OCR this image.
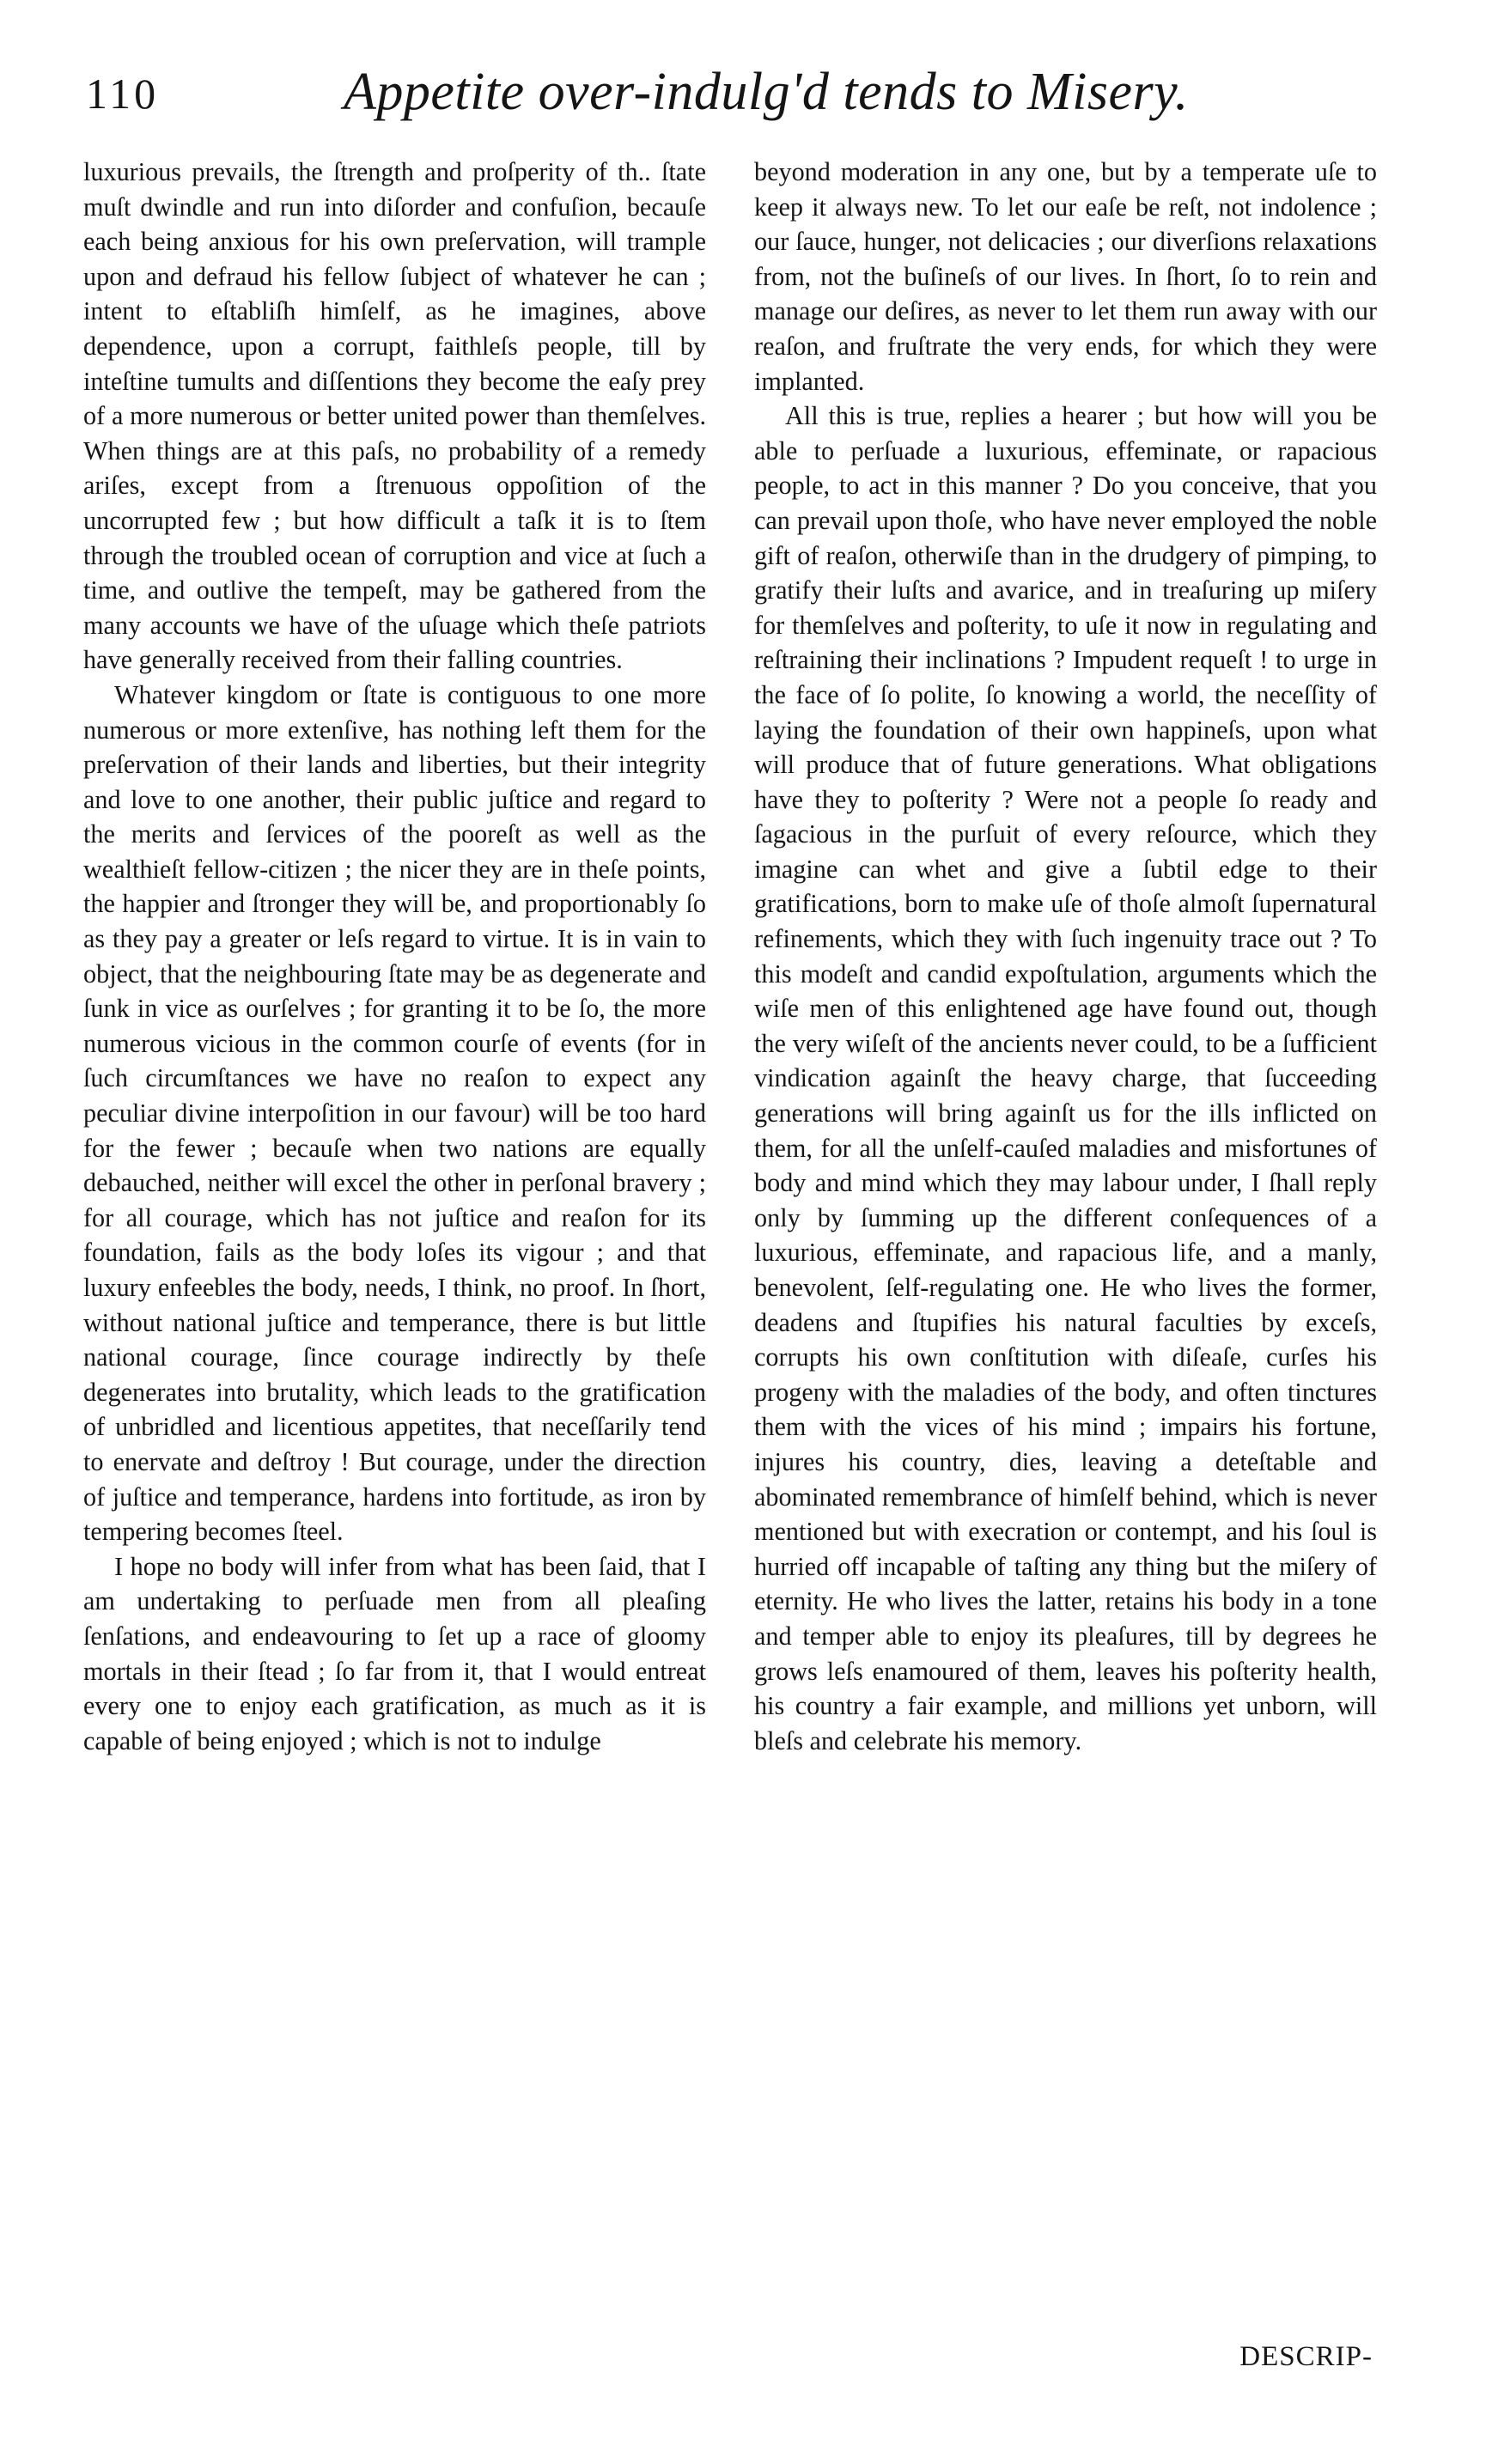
110	Appetite over-indulg'd tends to Misery.

luxurious prevails, the ſtrength and proſperity of th.. ſtate muſt dwindle and run into diſorder and confuſion, becauſe each being anxious for his own preſervation, will trample upon and defraud his fellow ſubject of whatever he can ; intent to eſtabliſh himſelf, as he imagines, above dependence, upon a corrupt, faithleſs people, till by inteſtine tumults and diſſentions they become the eaſy prey of a more numerous or better united power than themſelves. When things are at this paſs, no probability of a remedy ariſes, except from a ſtrenuous oppoſition of the uncorrupted few ; but how difficult a taſk it is to ſtem through the troubled ocean of corruption and vice at ſuch a time, and outlive the tempeſt, may be gathered from the many accounts we have of the uſuage which theſe patriots have generally received from their falling countries.

Whatever kingdom or ſtate is contiguous to one more numerous or more extenſive, has nothing left them for the preſervation of their lands and liberties, but their integrity and love to one another, their public juſtice and regard to the merits and ſervices of the pooreſt as well as the wealthieſt fellow-citizen ; the nicer they are in theſe points, the happier and ſtronger they will be, and proportionably ſo as they pay a greater or leſs regard to virtue. It is in vain to object, that the neighbouring ſtate may be as degenerate and ſunk in vice as ourſelves ; for granting it to be ſo, the more numerous vicious in the common courſe of events (for in ſuch circumſtances we have no reaſon to expect any peculiar divine interpoſition in our favour) will be too hard for the fewer ; becauſe when two nations are equally debauched, neither will excel the other in perſonal bravery ; for all courage, which has not juſtice and reaſon for its foundation, fails as the body loſes its vigour ; and that luxury enfeebles the body, needs, I think, no proof. In ſhort, without national juſtice and temperance, there is but little national courage, ſince courage indirectly by theſe degenerates into brutality, which leads to the gratification of unbridled and licentious appetites, that neceſſarily tend to enervate and deſtroy ! But courage, under the direction of juſtice and temperance, hardens into fortitude, as iron by tempering becomes ſteel.

I hope no body will infer from what has been ſaid, that I am undertaking to perſuade men from all pleaſing ſenſations, and endeavouring to ſet up a race of gloomy mortals in their ſtead ; ſo far from it, that I would entreat every one to enjoy each gratification, as much as it is capable of being enjoyed ; which is not to indulge

beyond moderation in any one, but by a temperate uſe to keep it always new. To let our eaſe be reſt, not indolence ; our ſauce, hunger, not delicacies ; our diverſions relaxations from, not the buſineſs of our lives. In ſhort, ſo to rein and manage our deſires, as never to let them run away with our reaſon, and fruſtrate the very ends, for which they were implanted.

All this is true, replies a hearer ; but how will you be able to perſuade a luxurious, effeminate, or rapacious people, to act in this manner ? Do you conceive, that you can prevail upon thoſe, who have never employed the noble gift of reaſon, otherwiſe than in the drudgery of pimping, to gratify their luſts and avarice, and in treaſuring up miſery for themſelves and poſterity, to uſe it now in regulating and reſtraining their inclinations ? Impudent requeſt ! to urge in the face of ſo polite, ſo knowing a world, the neceſſity of laying the foundation of their own happineſs, upon what will produce that of future generations. What obligations have they to poſterity ? Were not a people ſo ready and ſagacious in the purſuit of every reſource, which they imagine can whet and give a ſubtil edge to their gratifications, born to make uſe of thoſe almoſt ſupernatural refinements, which they with ſuch ingenuity trace out ? To this modeſt and candid expoſtulation, arguments which the wiſe men of this enlightened age have found out, though the very wiſeſt of the ancients never could, to be a ſufficient vindication againſt the heavy charge, that ſucceeding generations will bring againſt us for the ills inflicted on them, for all the unſelf-cauſed maladies and misfortunes of body and mind which they may labour under, I ſhall reply only by ſumming up the different conſequences of a luxurious, effeminate, and rapacious life, and a manly, benevolent, ſelf-regulating one. He who lives the former, deadens and ſtupifies his natural faculties by exceſs, corrupts his own conſtitution with diſeaſe, curſes his progeny with the maladies of the body, and often tinctures them with the vices of his mind ; impairs his fortune, injures his country, dies, leaving a deteſtable and abominated remembrance of himſelf behind, which is never mentioned but with execration or contempt, and his ſoul is hurried off incapable of taſting any thing but the miſery of eternity. He who lives the latter, retains his body in a tone and temper able to enjoy its pleaſures, till by degrees he grows leſs enamoured of them, leaves his poſterity health, his country a fair example, and millions yet unborn, will bleſs and celebrate his memory.

DESCRIP-
